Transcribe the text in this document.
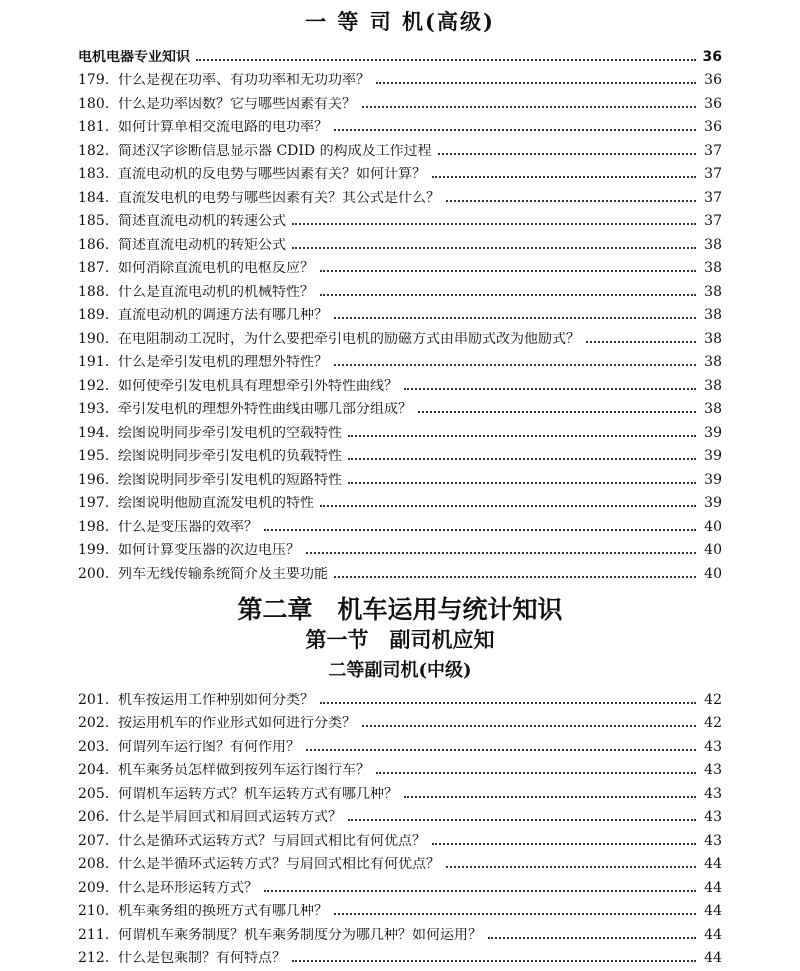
一 等 司 机(高级)
电机电器专业知识	36
179. 什么是视在功率、有功功率和无功功率？	36
180. 什么是功率因数？它与哪些因素有关？	36
181. 如何计算单相交流电路的电功率？	36
182. 简述汉字诊断信息显示器 CDID 的构成及工作过程	37
183. 直流电动机的反电势与哪些因素有关？如何计算？	37
184. 直流发电机的电势与哪些因素有关？其公式是什么？	37
185. 简述直流电动机的转速公式	37
186. 简述直流电动机的转矩公式	38
187. 如何消除直流电机的电枢反应？	38
188. 什么是直流电动机的机械特性？	38
189. 直流电动机的调速方法有哪几种？	38
190. 在电阻制动工况时，为什么要把牵引电机的励磁方式由串励式改为他励式？	38
191. 什么是牵引发电机的理想外特性？	38
192. 如何使牵引发电机具有理想牵引外特性曲线？	38
193. 牵引发电机的理想外特性曲线由哪几部分组成？	38
194. 绘图说明同步牵引发电机的空载特性	39
195. 绘图说明同步牵引发电机的负载特性	39
196. 绘图说明同步牵引发电机的短路特性	39
197. 绘图说明他励直流发电机的特性	39
198. 什么是变压器的效率？	40
199. 如何计算变压器的次边电压？	40
200. 列车无线传输系统简介及主要功能	40
第二章　机车运用与统计知识
第一节　副司机应知
二等副司机(中级)
201. 机车按运用工作种别如何分类？	42
202. 按运用机车的作业形式如何进行分类？	42
203. 何谓列车运行图？有何作用？	43
204. 机车乘务员怎样做到按列车运行图行车？	43
205. 何谓机车运转方式？机车运转方式有哪几种？	43
206. 什么是半肩回式和肩回式运转方式？	43
207. 什么是循环式运转方式？与肩回式相比有何优点？	43
208. 什么是半循环式运转方式？与肩回式相比有何优点？	44
209. 什么是环形运转方式？	44
210. 机车乘务组的换班方式有哪几种？	44
211. 何谓机车乘务制度？机车乘务制度分为哪几种？如何运用？	44
212. 什么是包乘制？有何特点？	44
